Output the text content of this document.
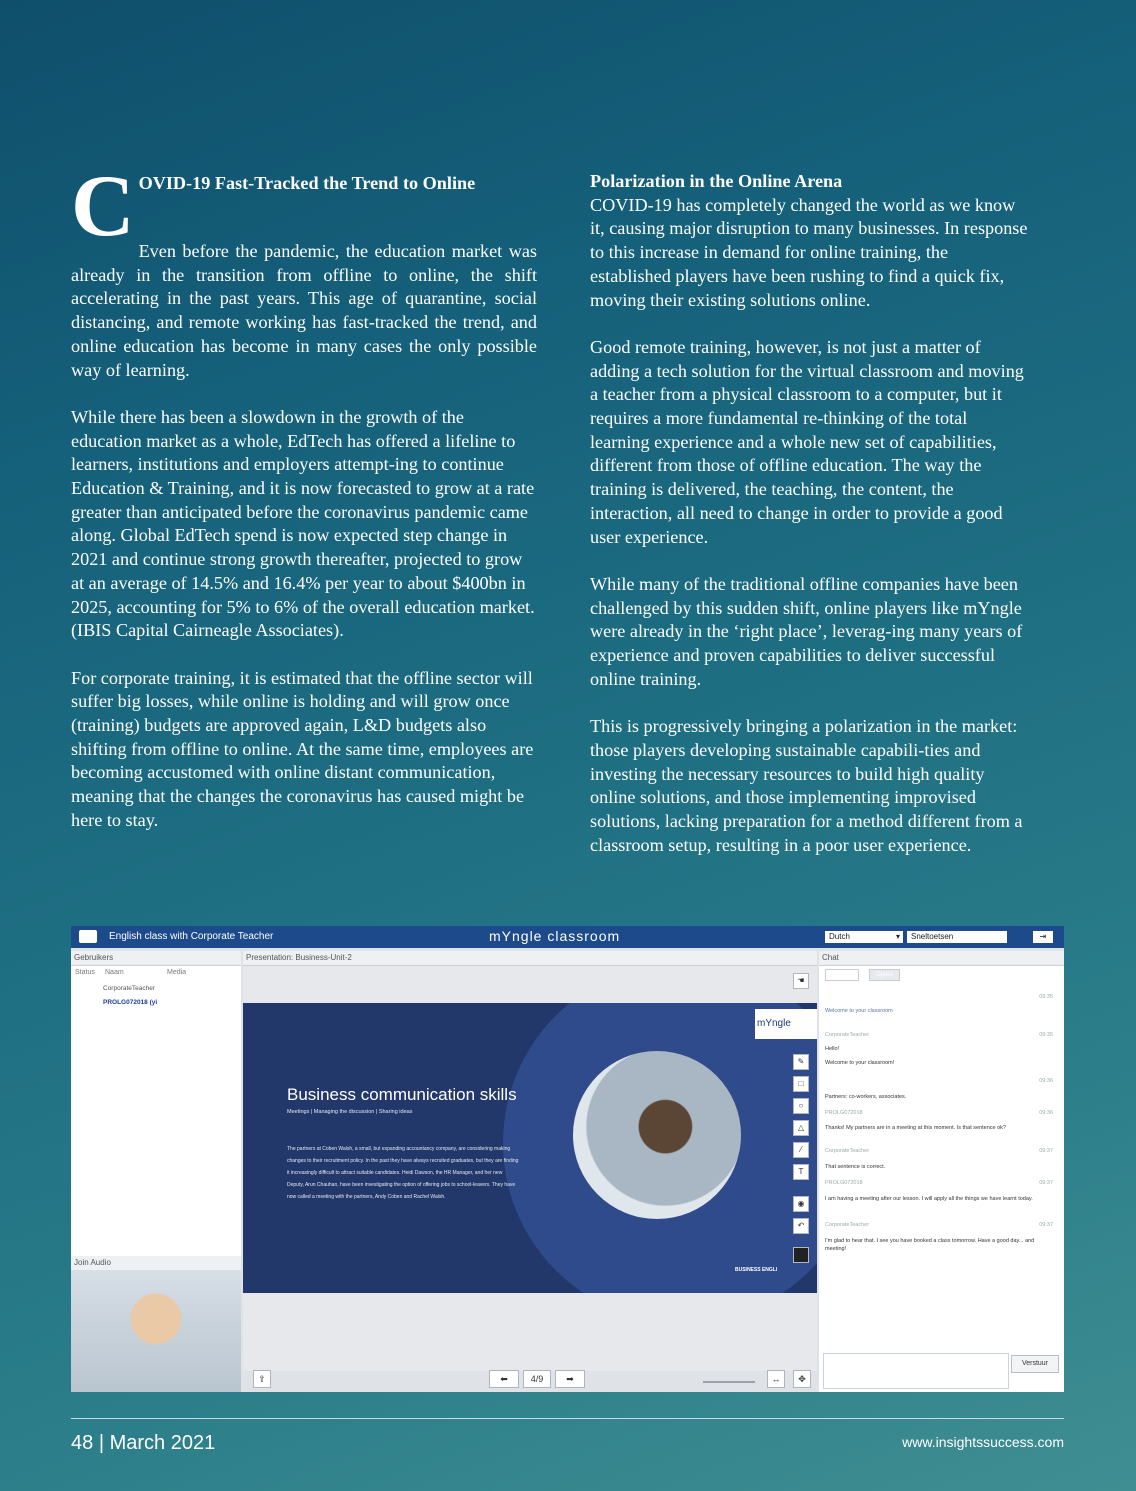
C OVID-19 Fast-Tracked the Trend to Online

Even before the pandemic, the education market was already in the transition from offline to online, the shift accelerating in the past years. This age of quarantine, social distancing, and remote working has fast-tracked the trend, and online education has become in many cases the only possible way of learning.

While there has been a slowdown in the growth of the education market as a whole, EdTech has offered a lifeline to learners, institutions and employers attempt-ing to continue Education & Training, and it is now forecasted to grow at a rate greater than anticipated before the coronavirus pandemic came along. Global EdTech spend is now expected step change in 2021 and continue strong growth thereafter, projected to grow at an average of 14.5% and 16.4% per year to about $400bn in 2025, accounting for 5% to 6% of the overall education market. (IBIS Capital Cairneagle Associates).

For corporate training, it is estimated that the offline sector will suffer big losses, while online is holding and will grow once (training) budgets are approved again, L&D budgets also shifting from offline to online. At the same time, employees are becoming accustomed with online distant communication, meaning that the changes the coronavirus has caused might be here to stay.

Polarization in the Online Arena

COVID-19 has completely changed the world as we know it, causing major disruption to many businesses. In response to this increase in demand for online training, the established players have been rushing to find a quick fix, moving their existing solutions online.

Good remote training, however, is not just a matter of adding a tech solution for the virtual classroom and moving a teacher from a physical classroom to a computer, but it requires a more fundamental re-thinking of the total learning experience and a whole new set of capabilities, different from those of offline education. The way the training is delivered, the teaching, the content, the interaction, all need to change in order to provide a good user experience.

While many of the traditional offline companies have been challenged by this sudden shift, online players like mYngle were already in the ‘right place’, leverag-ing many years of experience and proven capabilities to deliver successful online training.

This is progressively bringing a polarization in the market: those players developing sustainable capabili-ties and investing the necessary resources to build high quality online solutions, and those implementing improvised solutions, lacking preparation for a method different from a classroom setup, resulting in a poor user experience.

English class with Corporate Teacher	mYngle classroom	Dutch	▾	Sneltoetsen	⇥
Gebruikers
Status Naam	Media
♟ CorporateTeacher
▣ PROLG072018 (yi
Join Audio
Presentation: Business-Unit-2
mYngle
Business communication skills
Meetings | Managing the discussion | Sharing ideas
The partners at Coben Walsh, a small, but expanding accountancy company, are considering making changes to their recruitment policy. In the past they have always recruited graduates, but they are finding it increasingly difficult to attract suitable candidates. Heidi Dawson, the HR Manager, and her new Deputy, Arun Chauhan, have been investigating the option of offering jobs to school-leavers. They have now called a meeting with the partners, Andy Coben and Rachel Walsh.
BUSINESS ENGLI
⇪	⬅	4/9	➡	↔	✥
☚
✎
□
○
△
⁄
T
◉
↶
Chat
Iedereen	Opties
09:35
Welcome to your classroom
CorporateTeacher	09:35
Hello!
Welcome to your classroom!
09:36
Partners: co-workers, associates.
PROLG072018	09:36
Thanks! My partners are in a meeting at this moment. Is that sentence ok?
CorporateTeacher	09:37
That sentence is correct.
PROLG072018	09:37
I am having a meeting after our lesson. I will apply all the things we have learnt today.
CorporateTeacher	09:37
I'm glad to hear that. I see you have booked a class tomorrow. Have a good day... and meeting!
Verstuur
48 | March 2021	www.insightssuccess.com
